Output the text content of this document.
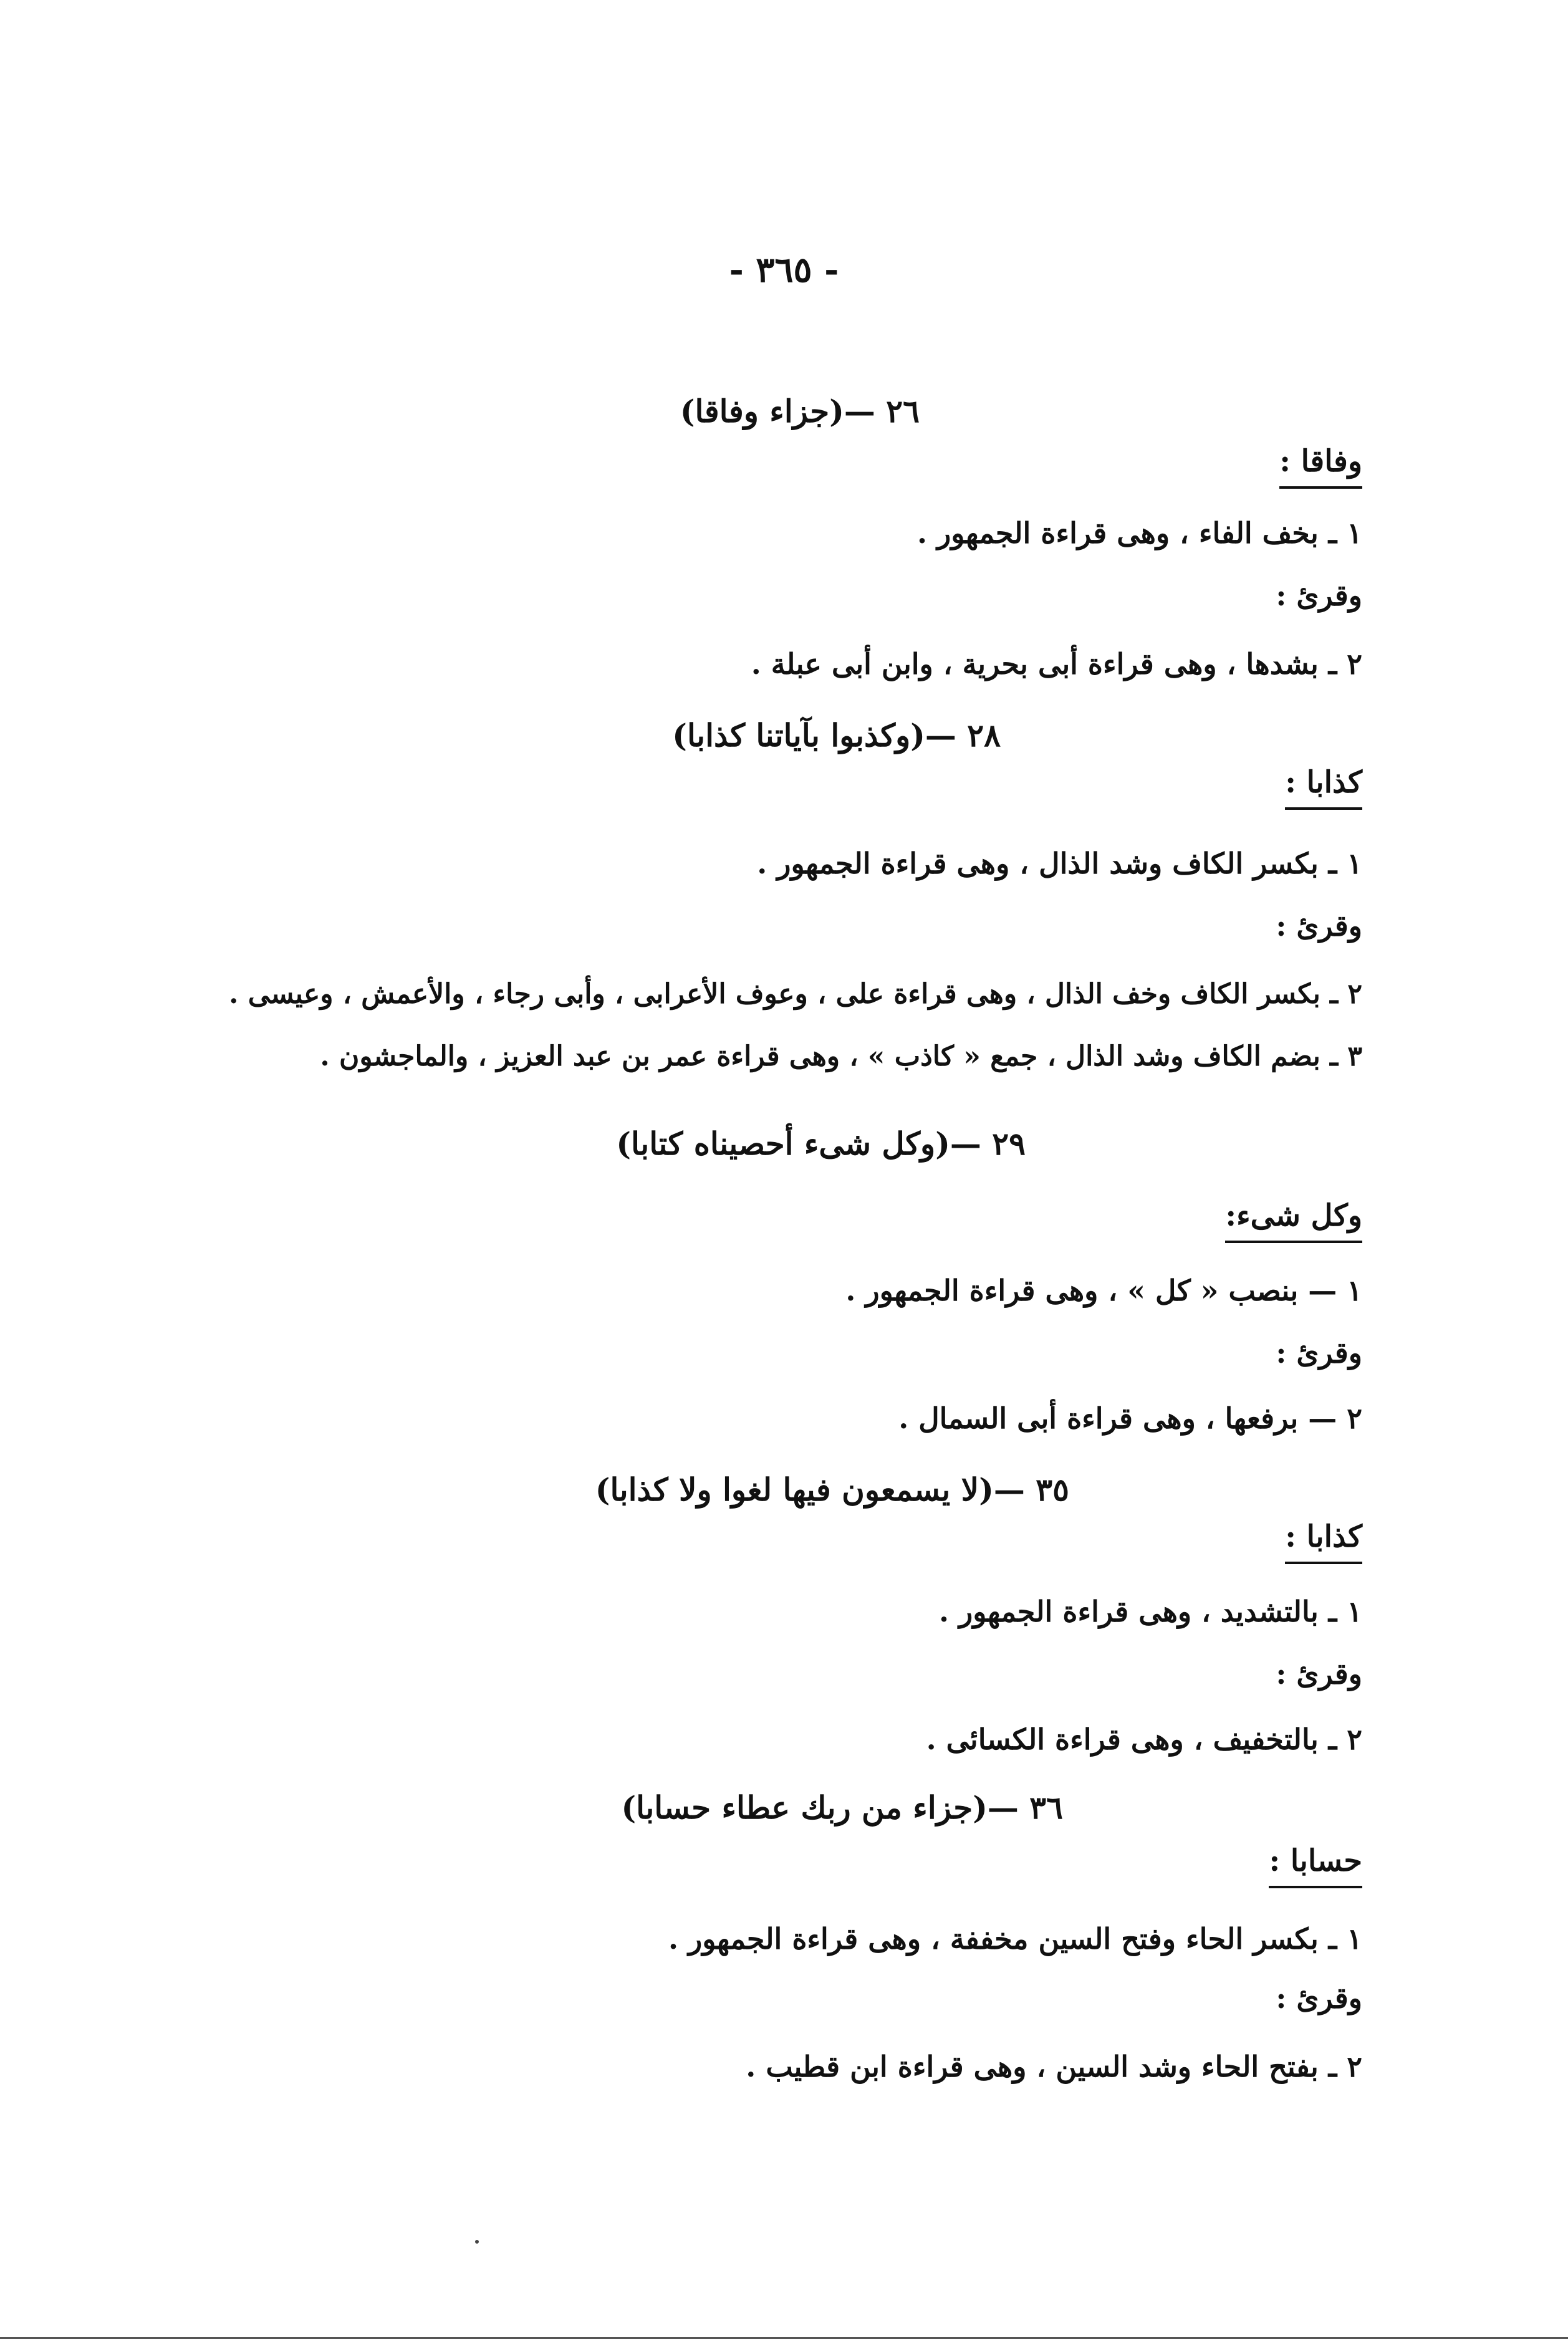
- ٣٦٥ -
٢٦ —(جزاء وفاقا)
وفاقا :
١ ـ بخف الفاء ، وهى قراءة الجمهور .
وقرئ :
٢ ـ بشدها ، وهى قراءة أبى بحرية ، وابن أبى عبلة .
٢٨ —(وكذبوا بآياتنا كذابا)
كذابا :
١ ـ بكسر الكاف وشد الذال ، وهى قراءة الجمهور .
وقرئ :
٢ ـ بكسر الكاف وخف الذال ، وهى قراءة على ، وعوف الأعرابى ، وأبى رجاء ، والأعمش ، وعيسى .
٣ ـ بضم الكاف وشد الذال ، جمع « كاذب » ، وهى قراءة عمر بن عبد العزيز ، والماجشون .
٢٩ —(وكل شىء أحصيناه كتابا)
وكل شىء:
١ — بنصب « كل » ، وهى قراءة الجمهور .
وقرئ :
٢ — برفعها ، وهى قراءة أبى السمال .
٣٥ —(لا يسمعون فيها لغوا ولا كذابا)
كذابا :
١ ـ بالتشديد ، وهى قراءة الجمهور .
وقرئ :
٢ ـ بالتخفيف ، وهى قراءة الكسائى .
٣٦ —(جزاء من ربك عطاء حسابا)
حسابا :
١ ـ بكسر الحاء وفتح السين مخففة ، وهى قراءة الجمهور .
وقرئ :
٢ ـ بفتح الحاء وشد السين ، وهى قراءة ابن قطيب .
